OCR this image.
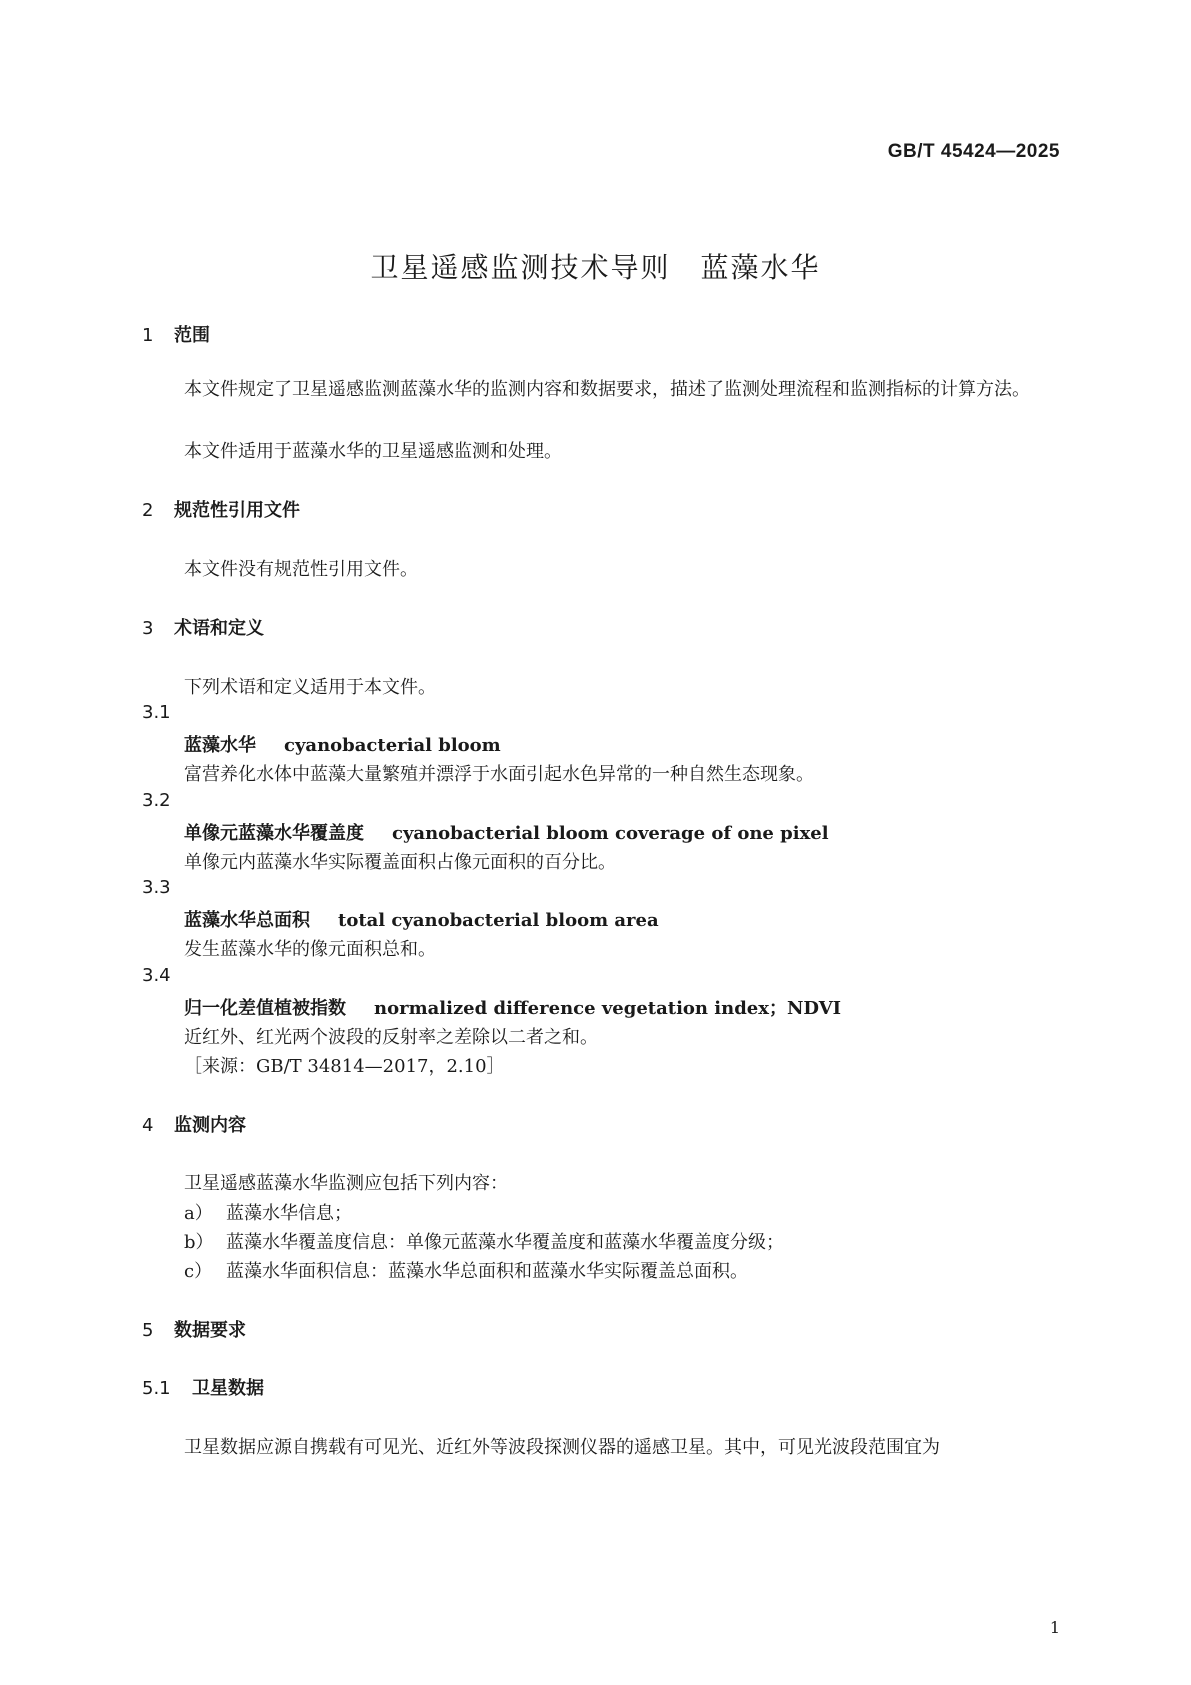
GB/T 45424—2025
卫星遥感监测技术导则 蓝藻水华
1 范围
本文件规定了卫星遥感监测蓝藻水华的监测内容和数据要求，描述了监测处理流程和监测指标的计算方法。
本文件适用于蓝藻水华的卫星遥感监测和处理。
2 规范性引用文件
本文件没有规范性引用文件。
3 术语和定义
下列术语和定义适用于本文件。
3.1
蓝藻水华 cyanobacterial bloom
富营养化水体中蓝藻大量繁殖并漂浮于水面引起水色异常的一种自然生态现象。
3.2
单像元蓝藻水华覆盖度 cyanobacterial bloom coverage of one pixel
单像元内蓝藻水华实际覆盖面积占像元面积的百分比。
3.3
蓝藻水华总面积 total cyanobacterial bloom area
发生蓝藻水华的像元面积总和。
3.4
归一化差值植被指数 normalized difference vegetation index；NDVI
近红外、红光两个波段的反射率之差除以二者之和。
［来源：GB/T 34814—2017，2.10］
4 监测内容
卫星遥感蓝藻水华监测应包括下列内容：
a） 蓝藻水华信息；
b） 蓝藻水华覆盖度信息：单像元蓝藻水华覆盖度和蓝藻水华覆盖度分级；
c） 蓝藻水华面积信息：蓝藻水华总面积和蓝藻水华实际覆盖总面积。
5 数据要求
5.1 卫星数据
卫星数据应源自携载有可见光、近红外等波段探测仪器的遥感卫星。其中，可见光波段范围宜为
1
